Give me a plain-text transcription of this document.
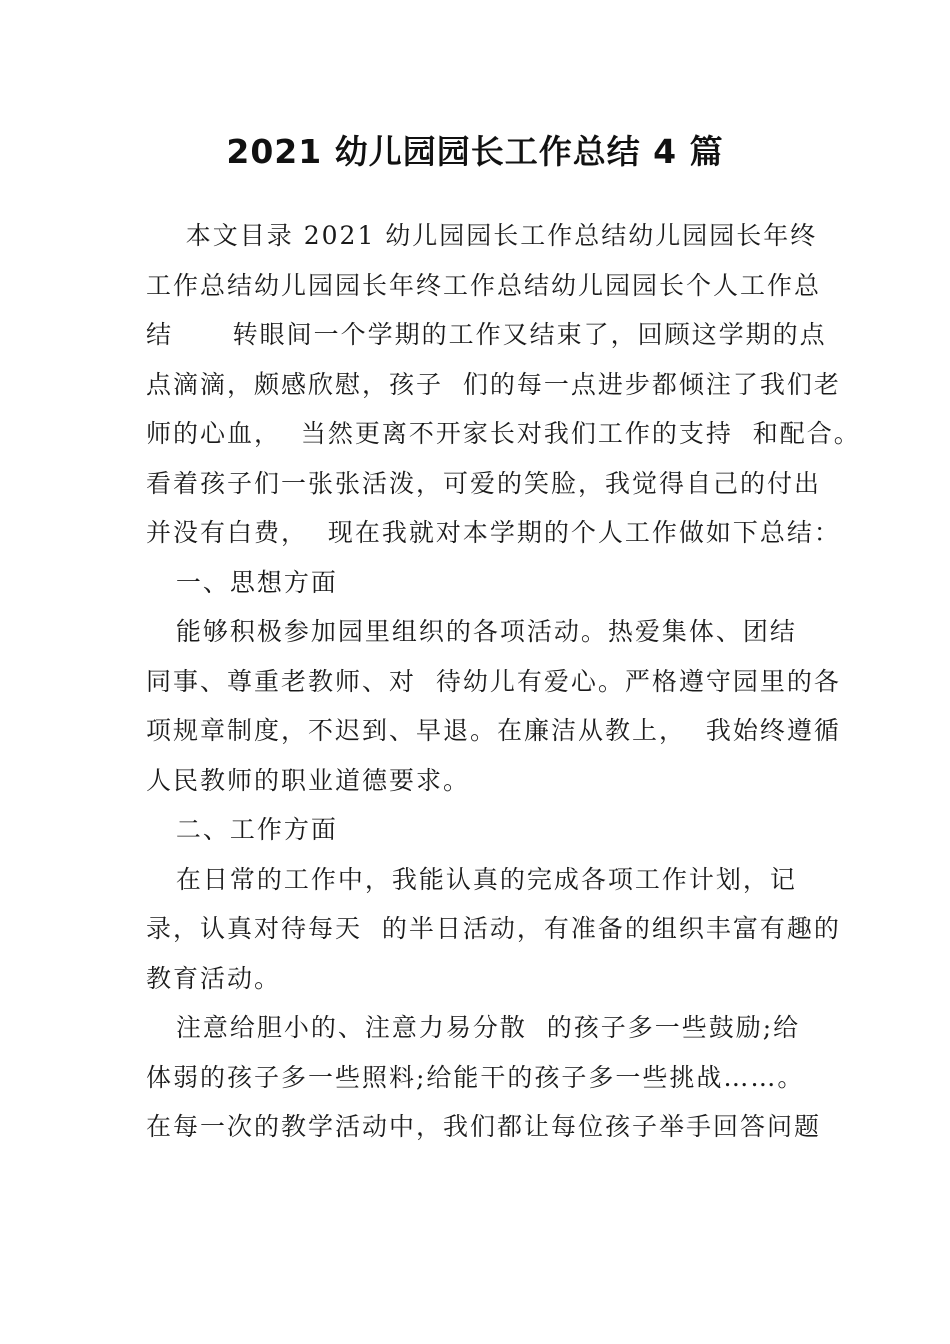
2021 幼儿园园长工作总结 4 篇
本文目录 2021 幼儿园园长工作总结幼儿园园长年终
工作总结幼儿园园长年终工作总结幼儿园园长个人工作总
结      转眼间一个学期的工作又结束了，回顾这学期的点
点滴滴，颇感欣慰，孩子  们的每一点进步都倾注了我们老
师的心血，  当然更离不开家长对我们工作的支持  和配合。
看着孩子们一张张活泼，可爱的笑脸，我觉得自己的付出
并没有白费，  现在我就对本学期的个人工作做如下总结：
一、思想方面
能够积极参加园里组织的各项活动。热爱集体、团结
同事、尊重老教师、对  待幼儿有爱心。严格遵守园里的各
项规章制度，不迟到、早退。在廉洁从教上，  我始终遵循
人民教师的职业道德要求。
二、工作方面
在日常的工作中，我能认真的完成各项工作计划，记
录，认真对待每天  的半日活动，有准备的组织丰富有趣的
教育活动。
注意给胆小的、注意力易分散  的孩子多一些鼓励;给
体弱的孩子多一些照料;给能干的孩子多一些挑战……。
在每一次的教学活动中，我们都让每位孩子举手回答问题
